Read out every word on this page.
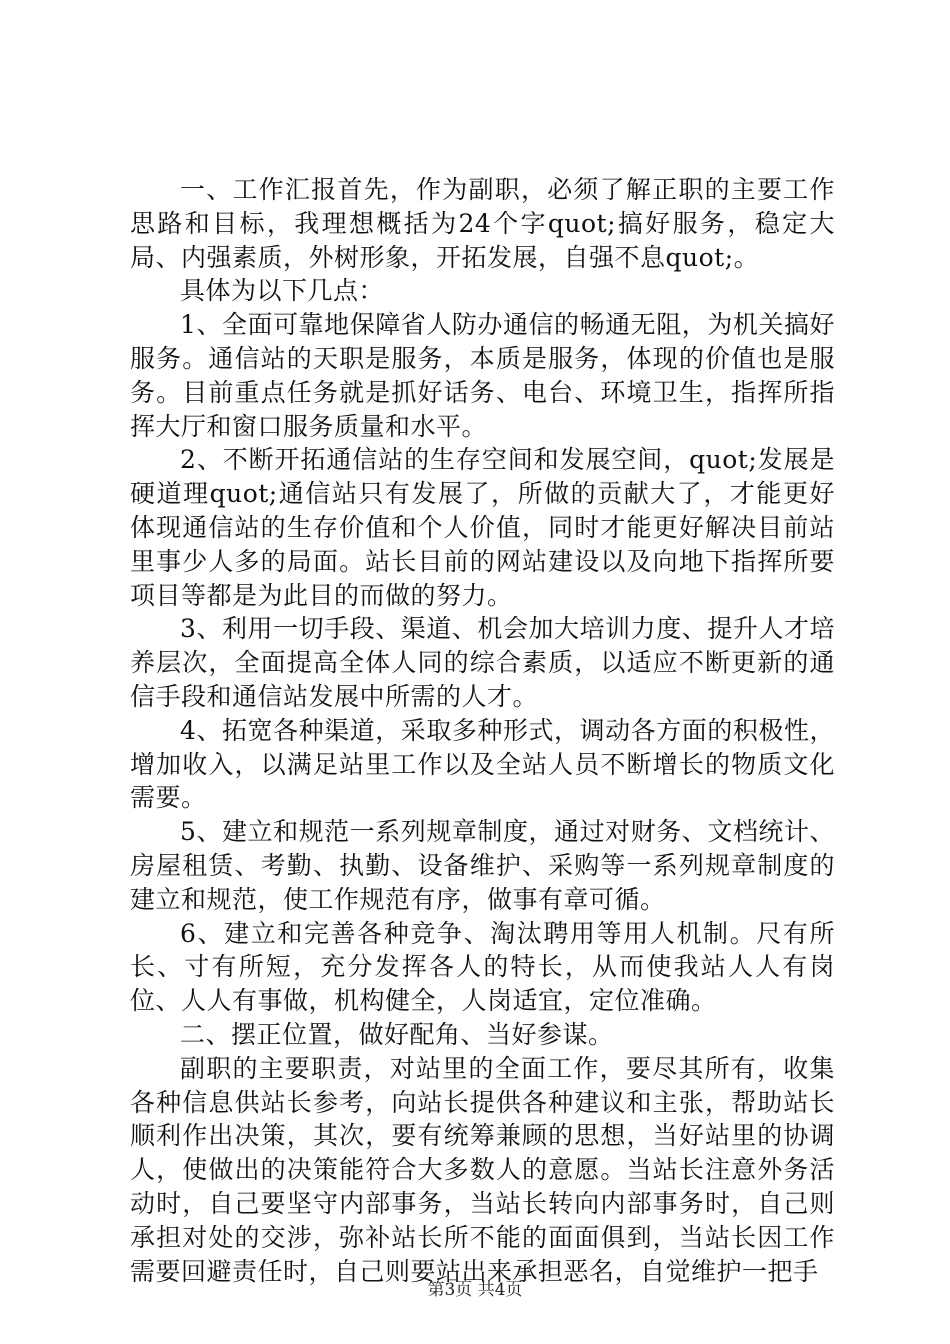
一、工作汇报首先，作为副职，必须了解正职的主要工作思路和目标，我理想概括为24个字quot;搞好服务，稳定大局、内强素质，外树形象，开拓发展，自强不息quot;。

具体为以下几点：

1、全面可靠地保障省人防办通信的畅通无阻，为机关搞好服务。通信站的天职是服务，本质是服务，体现的价值也是服务。目前重点任务就是抓好话务、电台、环境卫生，指挥所指挥大厅和窗口服务质量和水平。

2、不断开拓通信站的生存空间和发展空间，quot;发展是硬道理quot;通信站只有发展了，所做的贡献大了，才能更好体现通信站的生存价值和个人价值，同时才能更好解决目前站里事少人多的局面。站长目前的网站建设以及向地下指挥所要项目等都是为此目的而做的努力。

3、利用一切手段、渠道、机会加大培训力度、提升人才培养层次，全面提高全体人同的综合素质，以适应不断更新的通信手段和通信站发展中所需的人才。

4、拓宽各种渠道，采取多种形式，调动各方面的积极性，增加收入，以满足站里工作以及全站人员不断增长的物质文化需要。

5、建立和规范一系列规章制度，通过对财务、文档统计、房屋租赁、考勤、执勤、设备维护、采购等一系列规章制度的建立和规范，使工作规范有序，做事有章可循。

6、建立和完善各种竞争、淘汰聘用等用人机制。尺有所长、寸有所短，充分发挥各人的特长，从而使我站人人有岗位、人人有事做，机构健全，人岗适宜，定位准确。

二、摆正位置，做好配角、当好参谋。

副职的主要职责，对站里的全面工作，要尽其所有，收集各种信息供站长参考，向站长提供各种建议和主张，帮助站长顺利作出决策，其次，要有统筹兼顾的思想，当好站里的协调人，使做出的决策能符合大多数人的意愿。当站长注意外务活动时，自己要坚守内部事务，当站长转向内部事务时，自己则承担对处的交涉，弥补站长所不能的面面俱到，当站长因工作需要回避责任时，自己则要站出来承担恶名，自觉维护一把手

第3页 共4页
